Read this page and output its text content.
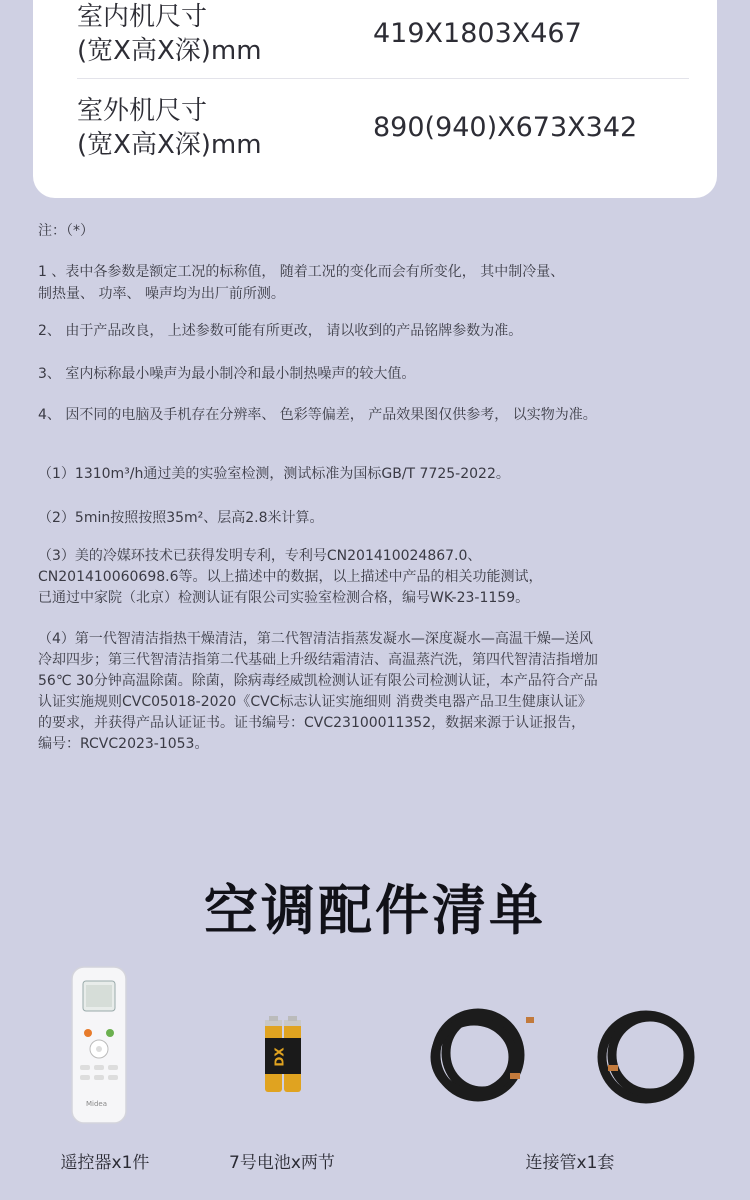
室内机尺寸
(宽X高X深)mm
419X1803X467
室外机尺寸
(宽X高X深)mm
890(940)X673X342
注：（*）
1 、表中各参数是额定工况的标称值， 随着工况的变化而会有所变化， 其中制冷量、
制热量、 功率、 噪声均为出厂前所测。
2、 由于产品改良， 上述参数可能有所更改， 请以收到的产品铭牌参数为准。
3、 室内标称最小噪声为最小制冷和最小制热噪声的较大值。
4、 因不同的电脑及手机存在分辨率、 色彩等偏差， 产品效果图仅供参考， 以实物为准。
（1）1310m³/h通过美的实验室检测，测试标准为国标GB/T 7725-2022。
（2）5min按照按照35m²、层高2.8米计算。
（3）美的冷媒环技术已获得发明专利，专利号CN201410024867.0、
CN201410060698.6等。以上描述中的数据，以上描述中产品的相关功能测试，
已通过中家院（北京）检测认证有限公司实验室检测合格，编号WK-23-1159。
（4）第一代智清洁指热干燥清洁，第二代智清洁指蒸发凝水—深度凝水—高温干燥—送风
冷却四步；第三代智清洁指第二代基础上升级结霜清洁、高温蒸汽洗，第四代智清洁指增加
56℃ 30分钟高温除菌。除菌，除病毒经威凯检测认证有限公司检测认证，本产品符合产品
认证实施规则CVC05018-2020《CVC标志认证实施细则 消费类电器产品卫生健康认证》
的要求，并获得产品认证证书。证书编号：CVC23100011352，数据来源于认证报告，
编号：RCVC2023-1053。
空调配件清单
Midea
遥控器x1件
DX
7号电池x两节	连接管x1套
